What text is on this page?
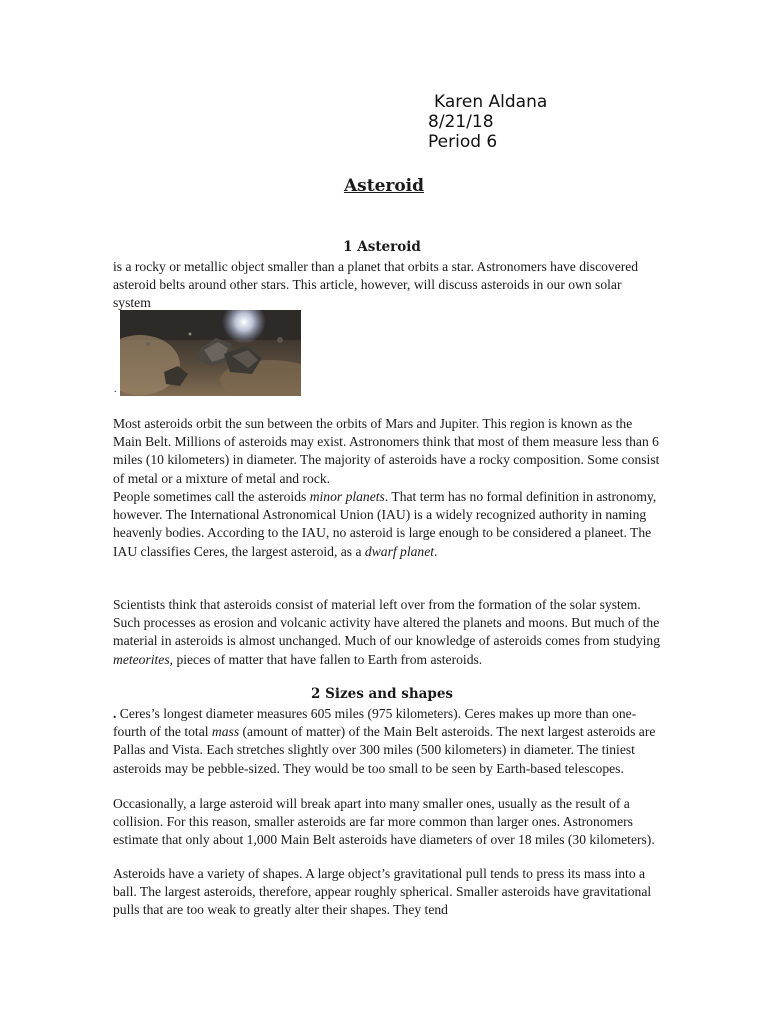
Karen Aldana
8/21/18
Period 6
Asteroid
1 Asteroid

is a rocky or metallic object smaller than a planet that orbits a star. Astronomers have discovered asteroid belts around other stars. This article, however, will discuss asteroids in our own solar system

.

Most asteroids orbit the sun between the orbits of Mars and Jupiter. This region is known as the Main Belt. Millions of asteroids may exist. Astronomers think that most of them measure less than 6 miles (10 kilometers) in diameter. The majority of asteroids have a rocky composition. Some consist of metal or a mixture of metal and rock.

People sometimes call the asteroids minor planets. That term has no formal definition in astronomy, however. The International Astronomical Union (IAU) is a widely recognized authority in naming heavenly bodies. According to the IAU, no asteroid is large enough to be considered a planeet. The IAU classifies Ceres, the largest asteroid, as a dwarf planet.

Scientists think that asteroids consist of material left over from the formation of the solar system. Such processes as erosion and volcanic activity have altered the planets and moons. But much of the material in asteroids is almost unchanged. Much of our knowledge of asteroids comes from studying meteorites, pieces of matter that have fallen to Earth from asteroids.

2 Sizes and shapes

. Ceres’s longest diameter measures 605 miles (975 kilometers). Ceres makes up more than one-fourth of the total mass (amount of matter) of the Main Belt asteroids. The next largest asteroids are Pallas and Vista. Each stretches slightly over 300 miles (500 kilometers) in diameter. The tiniest asteroids may be pebble-sized. They would be too small to be seen by Earth-based telescopes.

Occasionally, a large asteroid will break apart into many smaller ones, usually as the result of a collision. For this reason, smaller asteroids are far more common than larger ones. Astronomers estimate that only about 1,000 Main Belt asteroids have diameters of over 18 miles (30 kilometers).

Asteroids have a variety of shapes. A large object’s gravitational pull tends to press its mass into a ball. The largest asteroids, therefore, appear roughly spherical. Smaller asteroids have gravitational pulls that are too weak to greatly alter their shapes. They tend
